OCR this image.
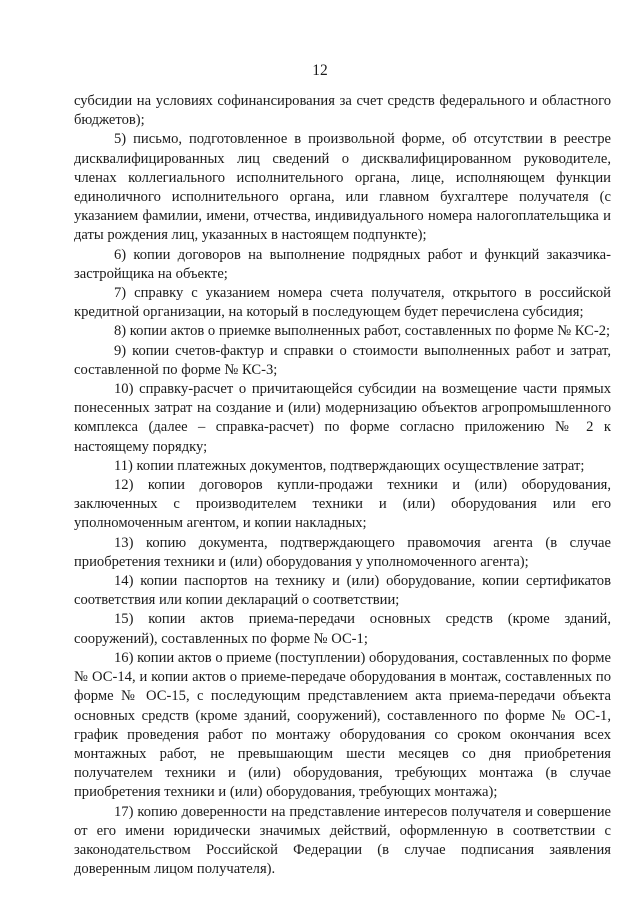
12

субсидии на условиях софинансирования за счет средств федерального и областного бюджетов);

5) письмо, подготовленное в произвольной форме, об отсутствии в реестре дисквалифицированных лиц сведений о дисквалифицированном руководителе, членах коллегиального исполнительного органа, лице, исполняющем функции единоличного исполнительного органа, или главном бухгалтере получателя (с указанием фамилии, имени, отчества, индивидуального номера налогоплательщика и даты рождения лиц, указанных в настоящем подпункте);

6) копии договоров на выполнение подрядных работ и функций заказчика-застройщика на объекте;

7) справку с указанием номера счета получателя, открытого в российской кредитной организации, на который в последующем будет перечислена субсидия;

8) копии актов о приемке выполненных работ, составленных по форме № КС-2;

9) копии счетов-фактур и справки о стоимости выполненных работ и затрат, составленной по форме № КС-3;

10) справку-расчет о причитающейся субсидии на возмещение части прямых понесенных затрат на создание и (или) модернизацию объектов агропромышленного комплекса (далее – справка-расчет) по форме согласно приложению № 2 к настоящему порядку;

11) копии платежных документов, подтверждающих осуществление затрат;

12) копии договоров купли-продажи техники и (или) оборудования, заключенных с производителем техники и (или) оборудования или его уполномоченным агентом, и копии накладных;

13) копию документа, подтверждающего правомочия агента (в случае приобретения техники и (или) оборудования у уполномоченного агента);

14) копии паспортов на технику и (или) оборудование, копии сертификатов соответствия или копии деклараций о соответствии;

15) копии актов приема-передачи основных средств (кроме зданий, сооружений), составленных по форме № ОС-1;

16) копии актов о приеме (поступлении) оборудования, составленных по форме № ОС-14, и копии актов о приеме-передаче оборудования в монтаж, составленных по форме № ОС-15, с последующим представлением акта приема-передачи объекта основных средств (кроме зданий, сооружений), составленного по форме № ОС-1, график проведения работ по монтажу оборудования со сроком окончания всех монтажных работ, не превышающим шести месяцев со дня приобретения получателем техники и (или) оборудования, требующих монтажа (в случае приобретения техники и (или) оборудования, требующих монтажа);

17) копию доверенности на представление интересов получателя и совершение от его имени юридически значимых действий, оформленную в соответствии с законодательством Российской Федерации (в случае подписания заявления доверенным лицом получателя).
